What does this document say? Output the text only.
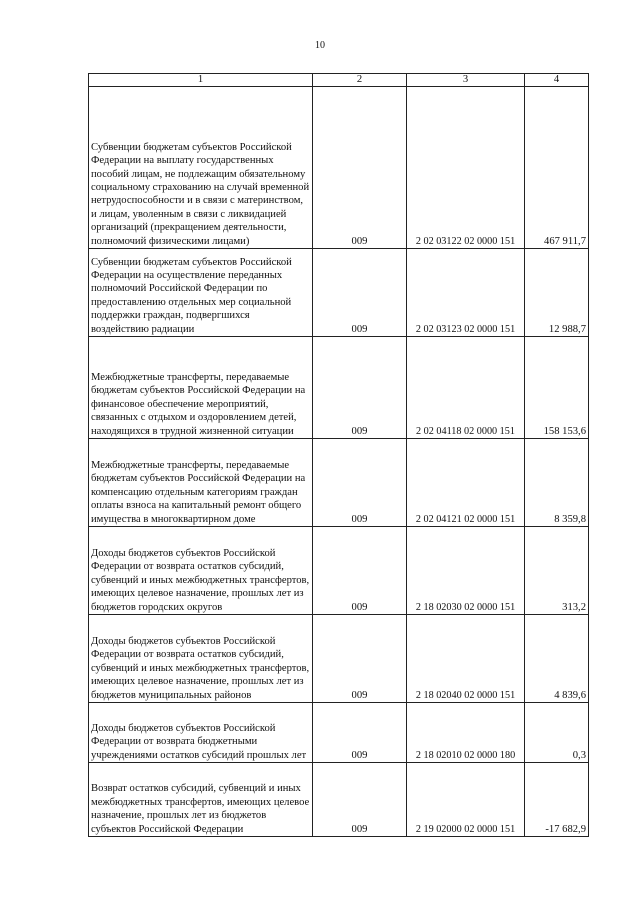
10
1	2	3	4
Субвенции бюджетам субъектов Российской Федерации на выплату государственных пособий лицам, не подлежащим обязательному социальному страхованию на случай временной нетрудоспособности и в связи с материнством, и лицам, уволенным в связи с ликвидацией организаций (прекращением деятельности, полномочий физическими лицами)	009	2 02 03122 02 0000 151	467 911,7
Субвенции бюджетам субъектов Российской Федерации на осуществление переданных полномочий Российской Федерации по предоставлению отдельных мер социальной поддержки граждан, подвергшихся воздействию радиации	009	2 02 03123 02 0000 151	12 988,7
Межбюджетные трансферты, передаваемые бюджетам субъектов Российской Федерации на финансовое обеспечение мероприятий, связанных с отдыхом и оздоровлением детей, находящихся в трудной жизненной ситуации	009	2 02 04118 02 0000 151	158 153,6
Межбюджетные трансферты, передаваемые бюджетам субъектов Российской Федерации на компенсацию отдельным категориям граждан оплаты взноса на капитальный ремонт общего имущества в многоквартирном доме	009	2 02 04121 02 0000 151	8 359,8
Доходы бюджетов субъектов Российской Федерации от возврата остатков субсидий, субвенций и иных межбюджетных трансфертов, имеющих целевое назначение, прошлых лет из бюджетов городских округов	009	2 18 02030 02 0000 151	313,2
Доходы бюджетов субъектов Российской Федерации от возврата остатков субсидий, субвенций и иных межбюджетных трансфертов, имеющих целевое назначение, прошлых лет из бюджетов муниципальных районов	009	2 18 02040 02 0000 151	4 839,6
Доходы бюджетов субъектов Российской Федерации от возврата бюджетными учреждениями остатков субсидий прошлых лет	009	2 18 02010 02 0000 180	0,3
Возврат остатков субсидий, субвенций и иных межбюджетных трансфертов, имеющих целевое назначение, прошлых лет из бюджетов субъектов Российской Федерации	009	2 19 02000 02 0000 151	-17 682,9
